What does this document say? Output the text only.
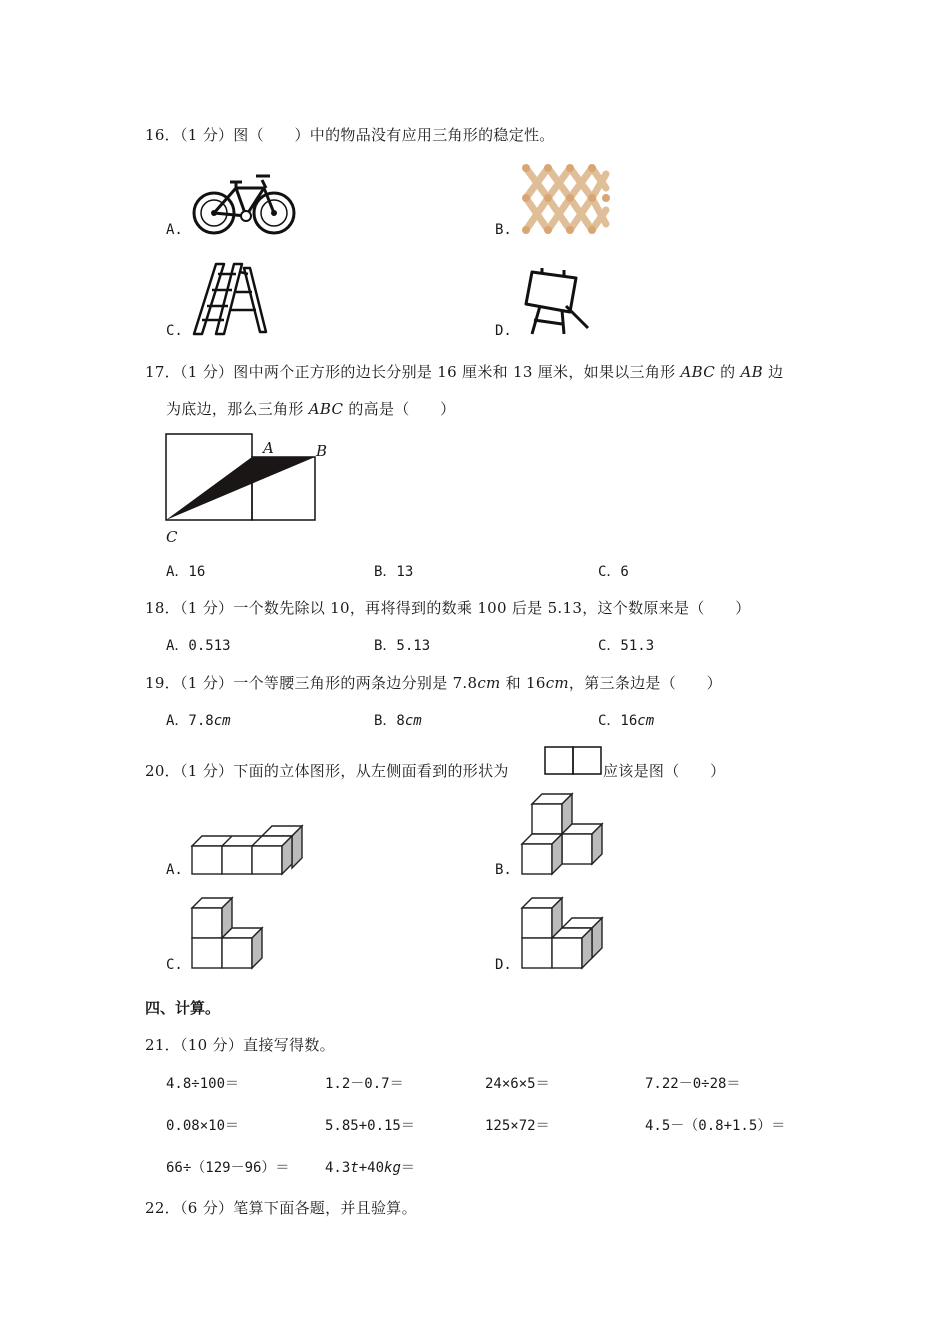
16．（1 分）图（　　）中的物品没有应用三角形的稳定性。
A.	B.
C.	D.
17．（1 分）图中两个正方形的边长分别是 16 厘米和 13 厘米，如果以三角形 ABC 的 AB 边
为底边，那么三角形 ABC 的高是（　　）
A	B
C
A．16	B．13	C．6
18．（1 分）一个数先除以 10，再将得到的数乘 100 后是 5.13，这个数原来是（　　）
A．0.513	B．5.13	C．51.3
19．（1 分）一个等腰三角形的两条边分别是 7.8cm 和 16cm，第三条边是（　　）
A．7.8cm	B．8cm	C．16cm
20．（1 分）下面的立体图形，从左侧面看到的形状为	应该是图（　　）
A.	B.
C.	D.
四、计算。
21．（10 分）直接写得数。
4.8÷100＝	1.2－0.7＝	24×6×5＝	7.22－0÷28＝
0.08×10＝	5.85+0.15＝	125×72＝	4.5－（0.8+1.5）＝
66÷（129－96）＝	4.3t+40kg＝
22．（6 分）笔算下面各题，并且验算。
